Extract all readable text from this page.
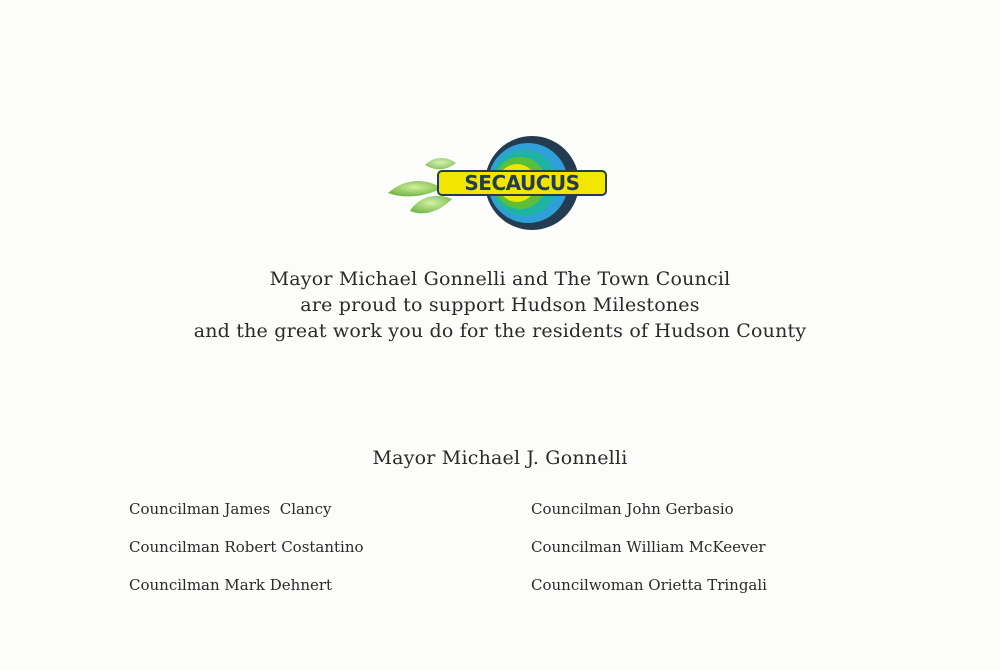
SECAUCUS
Mayor Michael Gonnelli and The Town Council
are proud to support Hudson Milestones
and the great work you do for the residents of Hudson County
Mayor Michael J. Gonnelli
Councilman James  Clancy
Councilman Robert Costantino
Councilman Mark Dehnert
Councilman John Gerbasio
Councilman William McKeever
Councilwoman Orietta Tringali
